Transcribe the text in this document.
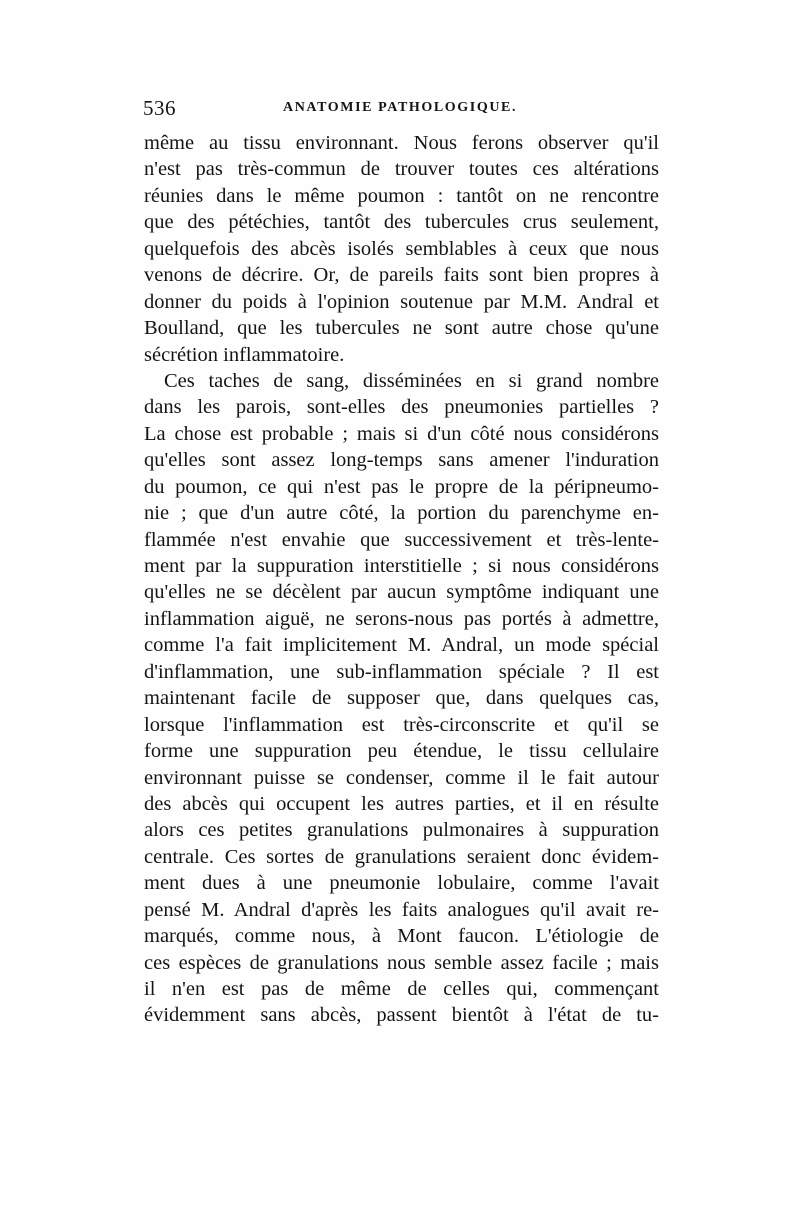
536	ANATOMIE PATHOLOGIQUE.
même au tissu environnant. Nous ferons observer qu'il
n'est pas très-commun de trouver toutes ces altérations
réunies dans le même poumon : tantôt on ne rencontre
que des pétéchies, tantôt des tubercules crus seulement,
quelquefois des abcès isolés semblables à ceux que nous
venons de décrire. Or, de pareils faits sont bien propres à
donner du poids à l'opinion soutenue par M.M. Andral et
Boulland, que les tubercules ne sont autre chose qu'une
sécrétion inflammatoire.
Ces taches de sang, disséminées en si grand nombre
dans les parois, sont-elles des pneumonies partielles ?
La chose est probable ; mais si d'un côté nous considérons
qu'elles sont assez long-temps sans amener l'induration
du poumon, ce qui n'est pas le propre de la péripneumo-
nie ; que d'un autre côté, la portion du parenchyme en-
flammée n'est envahie que successivement et très-lente-
ment par la suppuration interstitielle ; si nous considérons
qu'elles ne se décèlent par aucun symptôme indiquant une
inflammation aiguë, ne serons-nous pas portés à admettre,
comme l'a fait implicitement M. Andral, un mode spécial
d'inflammation, une sub-inflammation spéciale ? Il est
maintenant facile de supposer que, dans quelques cas,
lorsque l'inflammation est très-circonscrite et qu'il se
forme une suppuration peu étendue, le tissu cellulaire
environnant puisse se condenser, comme il le fait autour
des abcès qui occupent les autres parties, et il en résulte
alors ces petites granulations pulmonaires à suppuration
centrale. Ces sortes de granulations seraient donc évidem-
ment dues à une pneumonie lobulaire, comme l'avait
pensé M. Andral d'après les faits analogues qu'il avait re-
marqués, comme nous, à Mont faucon. L'étiologie de
ces espèces de granulations nous semble assez facile ; mais
il n'en est pas de même de celles qui, commençant
évidemment sans abcès, passent bientôt à l'état de tu-
